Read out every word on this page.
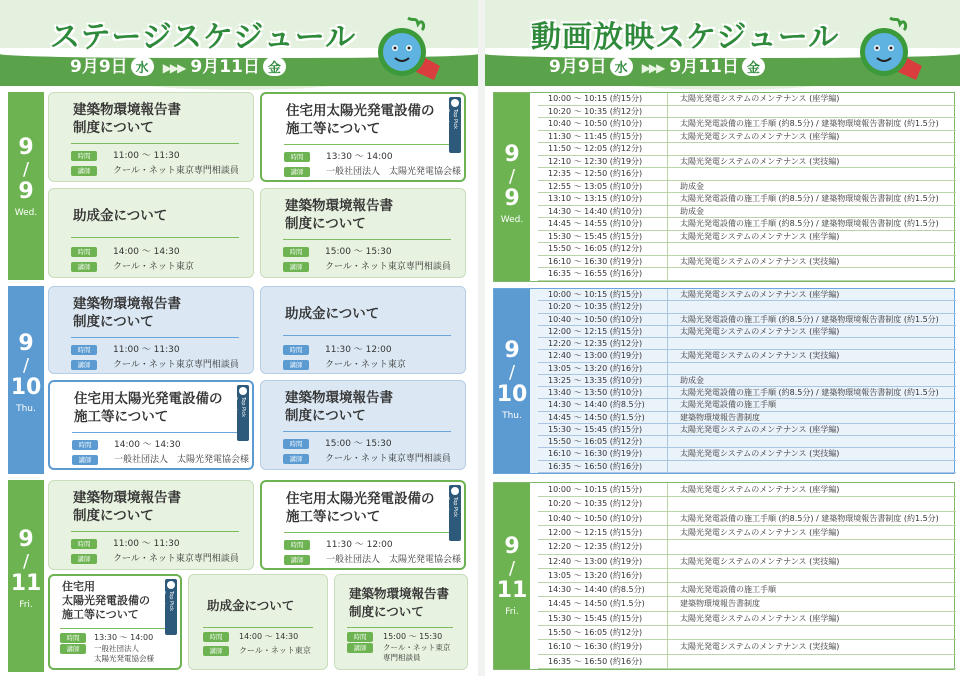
ステージスケジュール
9月9日 水 ▶▶▶ 9月11日 金
9
/
9
Wed.
建築物環境報告書
制度について
時間	11:00 ～ 11:30
講師	クール・ネット東京専門相談員
住宅用太陽光発電設備の
施工等について
時間	13:30 ～ 14:00
講師	一般社団法人　太陽光発電協会様
Top Pick Session
助成金について
時間	14:00 ～ 14:30
講師	クール・ネット東京
建築物環境報告書
制度について
時間	15:00 ～ 15:30
講師	クール・ネット東京専門相談員
9
/
10
Thu.
建築物環境報告書
制度について
時間	11:00 ～ 11:30
講師	クール・ネット東京専門相談員
助成金について
時間	11:30 ～ 12:00
講師	クール・ネット東京
住宅用太陽光発電設備の
施工等について
時間	14:00 ～ 14:30
講師	一般社団法人　太陽光発電協会様
Top Pick Session	建築物環境報告書
制度について
時間	15:00 ～ 15:30
講師	クール・ネット東京専門相談員
9
/
11
Fri.
建築物環境報告書
制度について
時間	11:00 ～ 11:30
講師	クール・ネット東京専門相談員
住宅用太陽光発電設備の
施工等について
時間	11:30 ～ 12:00
講師	一般社団法人　太陽光発電協会様
Top Pick Session
住宅用
太陽光発電設備の
施工等について
時間 13:30 ～ 14:00
講師 一般社団法人
太陽光発電協会様
Top Pick Session	助成金について
時間 14:00 ～ 14:30
講師 クール・ネット東京
建築物環境報告書
制度について
時間 15:00 ～ 15:30
講師 クール・ネット東京
専門相談員
動画放映スケジュール
9月9日 水 ▶▶▶ 9月11日 金
9
/
9
Wed.
10:00 ～ 10:15 (約15分)	太陽光発電システムのメンテナンス (座学編)
10:20 ～ 10:35 (約12分)
10:40 ～ 10:50 (約10分)	太陽光発電設備の施工手順 (約8.5分) / 建築物環境報告書制度 (約1.5分)
11:30 ～ 11:45 (約15分)	太陽光発電システムのメンテナンス (座学編)
11:50 ～ 12:05 (約12分)
12:10 ～ 12:30 (約19分)	太陽光発電システムのメンテナンス (実技編)
12:35 ～ 12:50 (約16分)
12:55 ～ 13:05 (約10分)	助成金
13:10 ～ 13:15 (約10分)	太陽光発電設備の施工手順 (約8.5分) / 建築物環境報告書制度 (約1.5分)
14:30 ～ 14:40 (約10分)	助成金
14:45 ～ 14:55 (約10分)	太陽光発電設備の施工手順 (約8.5分) / 建築物環境報告書制度 (約1.5分)
15:30 ～ 15:45 (約15分)	太陽光発電システムのメンテナンス (座学編)
15:50 ～ 16:05 (約12分)
16:10 ～ 16:30 (約19分)	太陽光発電システムのメンテナンス (実技編)
16:35 ～ 16:55 (約16分)
9
/
10
Thu.
10:00 ～ 10:15 (約15分)	太陽光発電システムのメンテナンス (座学編)
10:20 ～ 10:35 (約12分)
10:40 ～ 10:50 (約10分)	太陽光発電設備の施工手順 (約8.5分) / 建築物環境報告書制度 (約1.5分)
12:00 ～ 12:15 (約15分)	太陽光発電システムのメンテナンス (座学編)
12:20 ～ 12:35 (約12分)
12:40 ～ 13:00 (約19分)	太陽光発電システムのメンテナンス (実技編)
13:05 ～ 13:20 (約16分)
13:25 ～ 13:35 (約10分)	助成金
13:40 ～ 13:50 (約10分)	太陽光発電設備の施工手順 (約8.5分) / 建築物環境報告書制度 (約1.5分)
14:30 ～ 14:40 (約8.5分)	太陽光発電設備の施工手順
14:45 ～ 14:50 (約1.5分)	建築物環境報告書制度
15:30 ～ 15:45 (約15分)	太陽光発電システムのメンテナンス (座学編)
15:50 ～ 16:05 (約12分)
16:10 ～ 16:30 (約19分)	太陽光発電システムのメンテナンス (実技編)
16:35 ～ 16:50 (約16分)
9
/
11
Fri.
10:00 ～ 10:15 (約15分)	太陽光発電システムのメンテナンス (座学編)
10:20 ～ 10:35 (約12分)
10:40 ～ 10:50 (約10分)	太陽光発電設備の施工手順 (約8.5分) / 建築物環境報告書制度 (約1.5分)
12:00 ～ 12:15 (約15分)	太陽光発電システムのメンテナンス (座学編)
12:20 ～ 12:35 (約12分)
12:40 ～ 13:00 (約19分)	太陽光発電システムのメンテナンス (実技編)
13:05 ～ 13:20 (約16分)
14:30 ～ 14:40 (約8.5分)	太陽光発電設備の施工手順
14:45 ～ 14:50 (約1.5分)	建築物環境報告書制度
15:30 ～ 15:45 (約15分)	太陽光発電システムのメンテナンス (座学編)
15:50 ～ 16:05 (約12分)
16:10 ～ 16:30 (約19分)	太陽光発電システムのメンテナンス (実技編)
16:35 ～ 16:50 (約16分)
